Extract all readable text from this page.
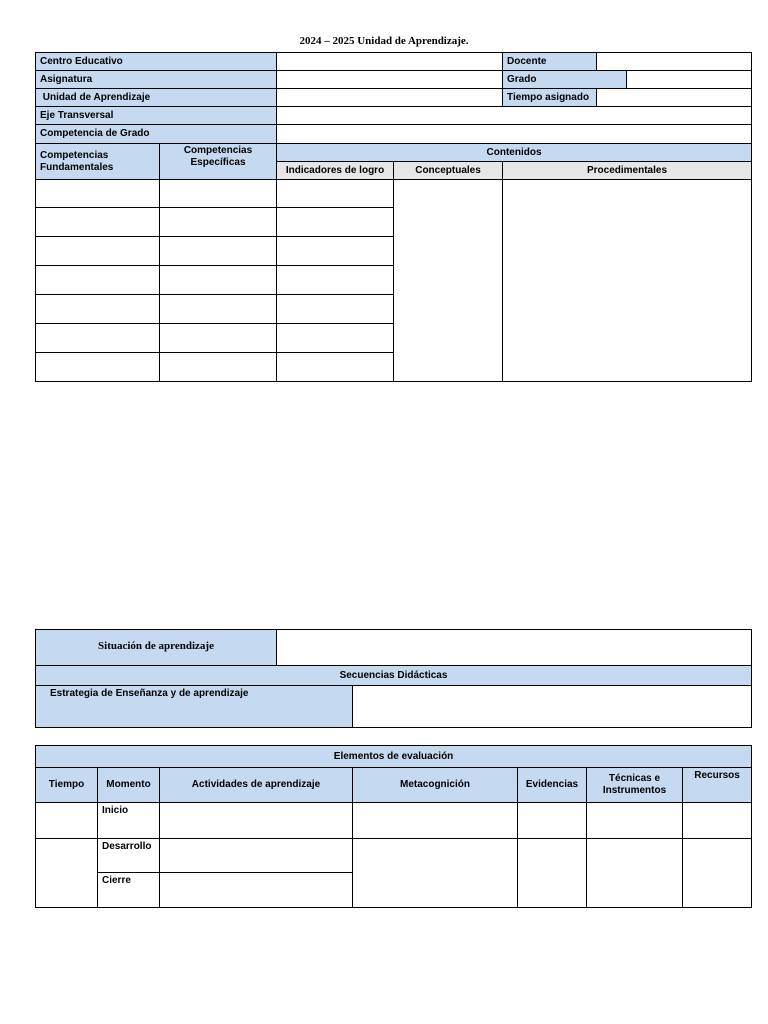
2024 – 2025 Unidad de Aprendizaje.
Centro Educativo				Docente			
Asignatura				Grado			
Unidad de Aprendizaje				Tiempo asignado			
Eje Transversal							
Competencia de Grado							
Competencias Fundamentales	Competencias Específicas	Contenidos					
		Indicadores de logro	Conceptuales	Procedimentales	

Situación de aprendizaje		
Secuencias Didácticas		
Estrategia de Enseñanza y de aprendizaje		
Elementos de evaluación						
Tiempo	Momento	Actividades de aprendizaje	Metacognición	Evidencias	Técnicas e Instrumentos	Recursos
	Inicio					
	Desarrollo					
	Cierre					
